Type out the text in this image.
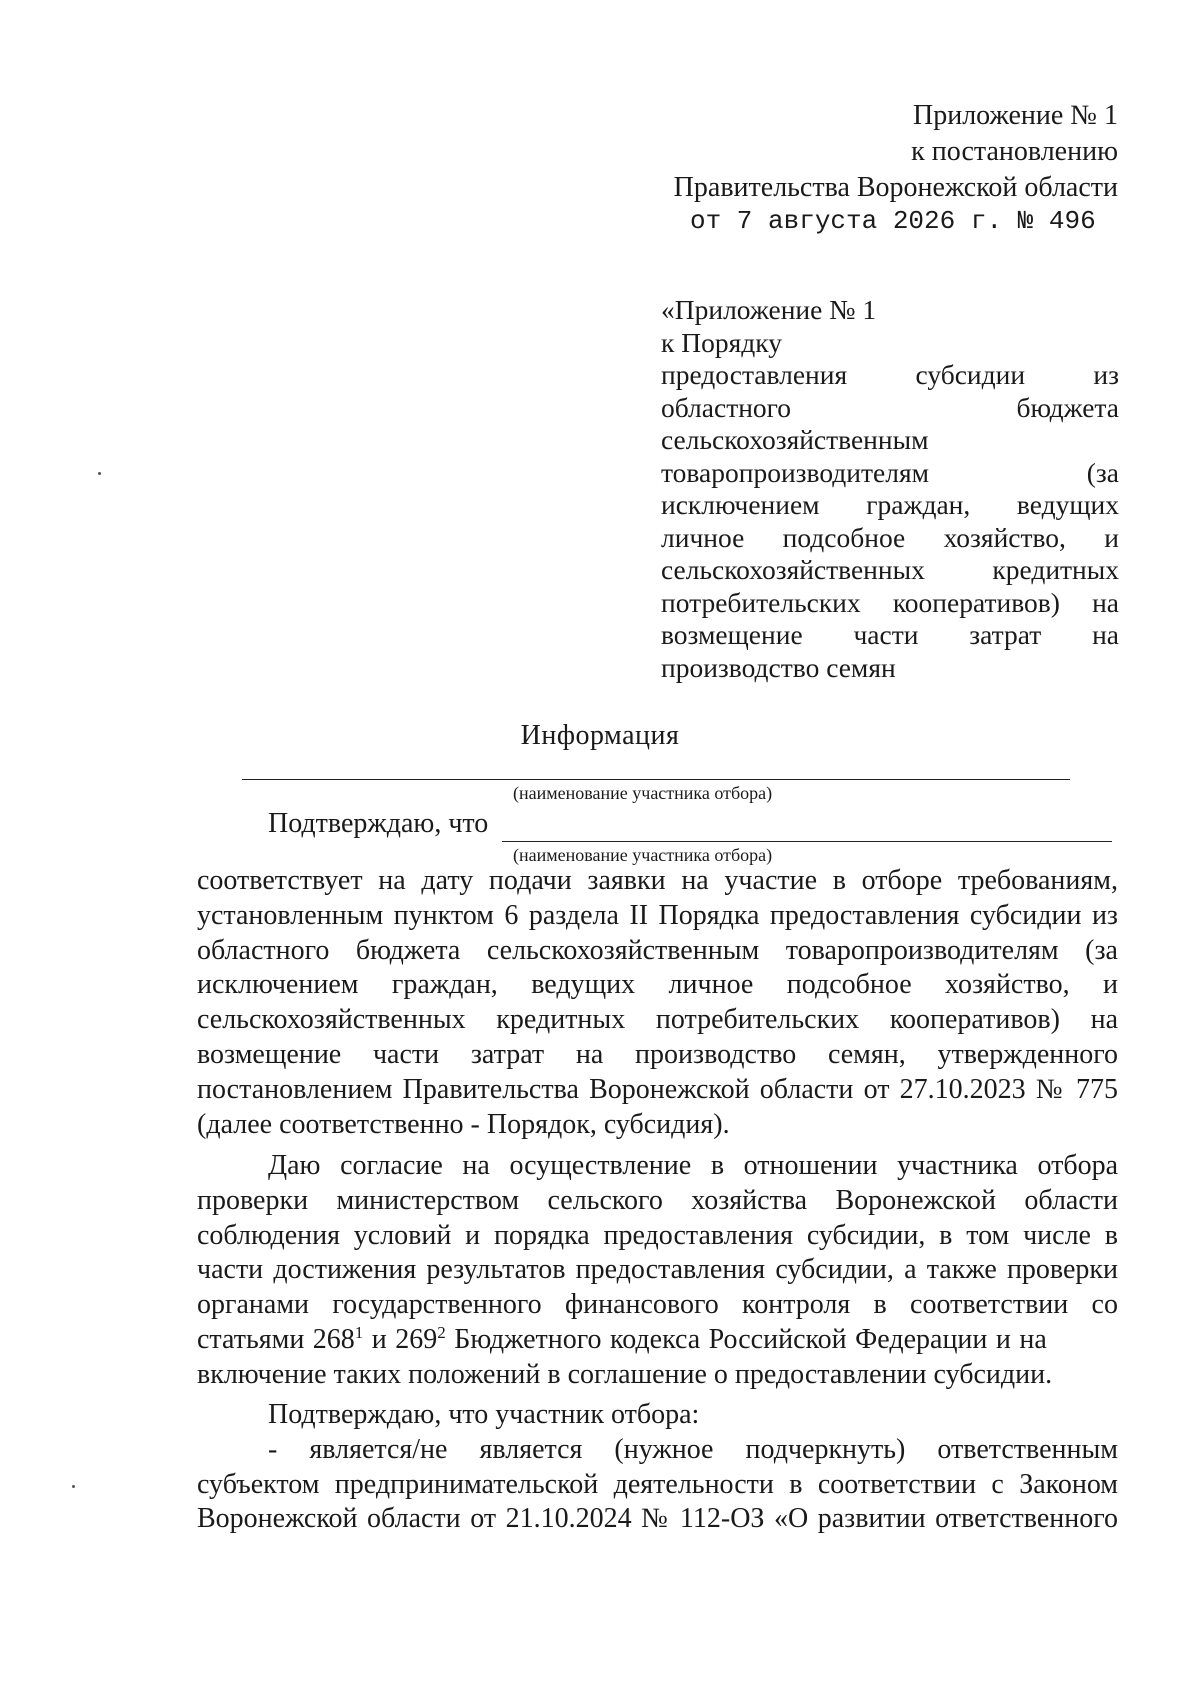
Приложение № 1
к постановлению
Правительства Воронежской области
от 7 августа 2026 г. № 496
«Приложение № 1
к Порядку
предоставления субсидии из
областного бюджета
сельскохозяйственным
товаропроизводителям (за
исключением граждан, ведущих
личное подсобное хозяйство, и
сельскохозяйственных кредитных
потребительских кооперативов) на
возмещение части затрат на
производство семян
Информация
(наименование участника отбора)
Подтверждаю, что
(наименование участника отбора)
соответствует на дату подачи заявки на участие в отборе требованиям,
установленным пунктом 6 раздела II Порядка предоставления субсидии из
областного бюджета сельскохозяйственным товаропроизводителям (за
исключением граждан, ведущих личное подсобное хозяйство, и
сельскохозяйственных кредитных потребительских кооперативов) на
возмещение части затрат на производство семян, утвержденного
постановлением Правительства Воронежской области от 27.10.2023 № 775
(далее соответственно - Порядок, субсидия).
Даю согласие на осуществление в отношении участника отбора
проверки министерством сельского хозяйства Воронежской области
соблюдения условий и порядка предоставления субсидии, в том числе в
части достижения результатов предоставления субсидии, а также проверки
органами государственного финансового контроля в соответствии со
статьями $268^1$ и $269^2$ Бюджетного кодекса Российской Федерации и на
включение таких положений в соглашение о предоставлении субсидии.
Подтверждаю, что участник отбора:
- является/не является (нужное подчеркнуть) ответственным
субъектом предпринимательской деятельности в соответствии с Законом
Воронежской области от 21.10.2024 № 112-ОЗ «О развитии ответственного
